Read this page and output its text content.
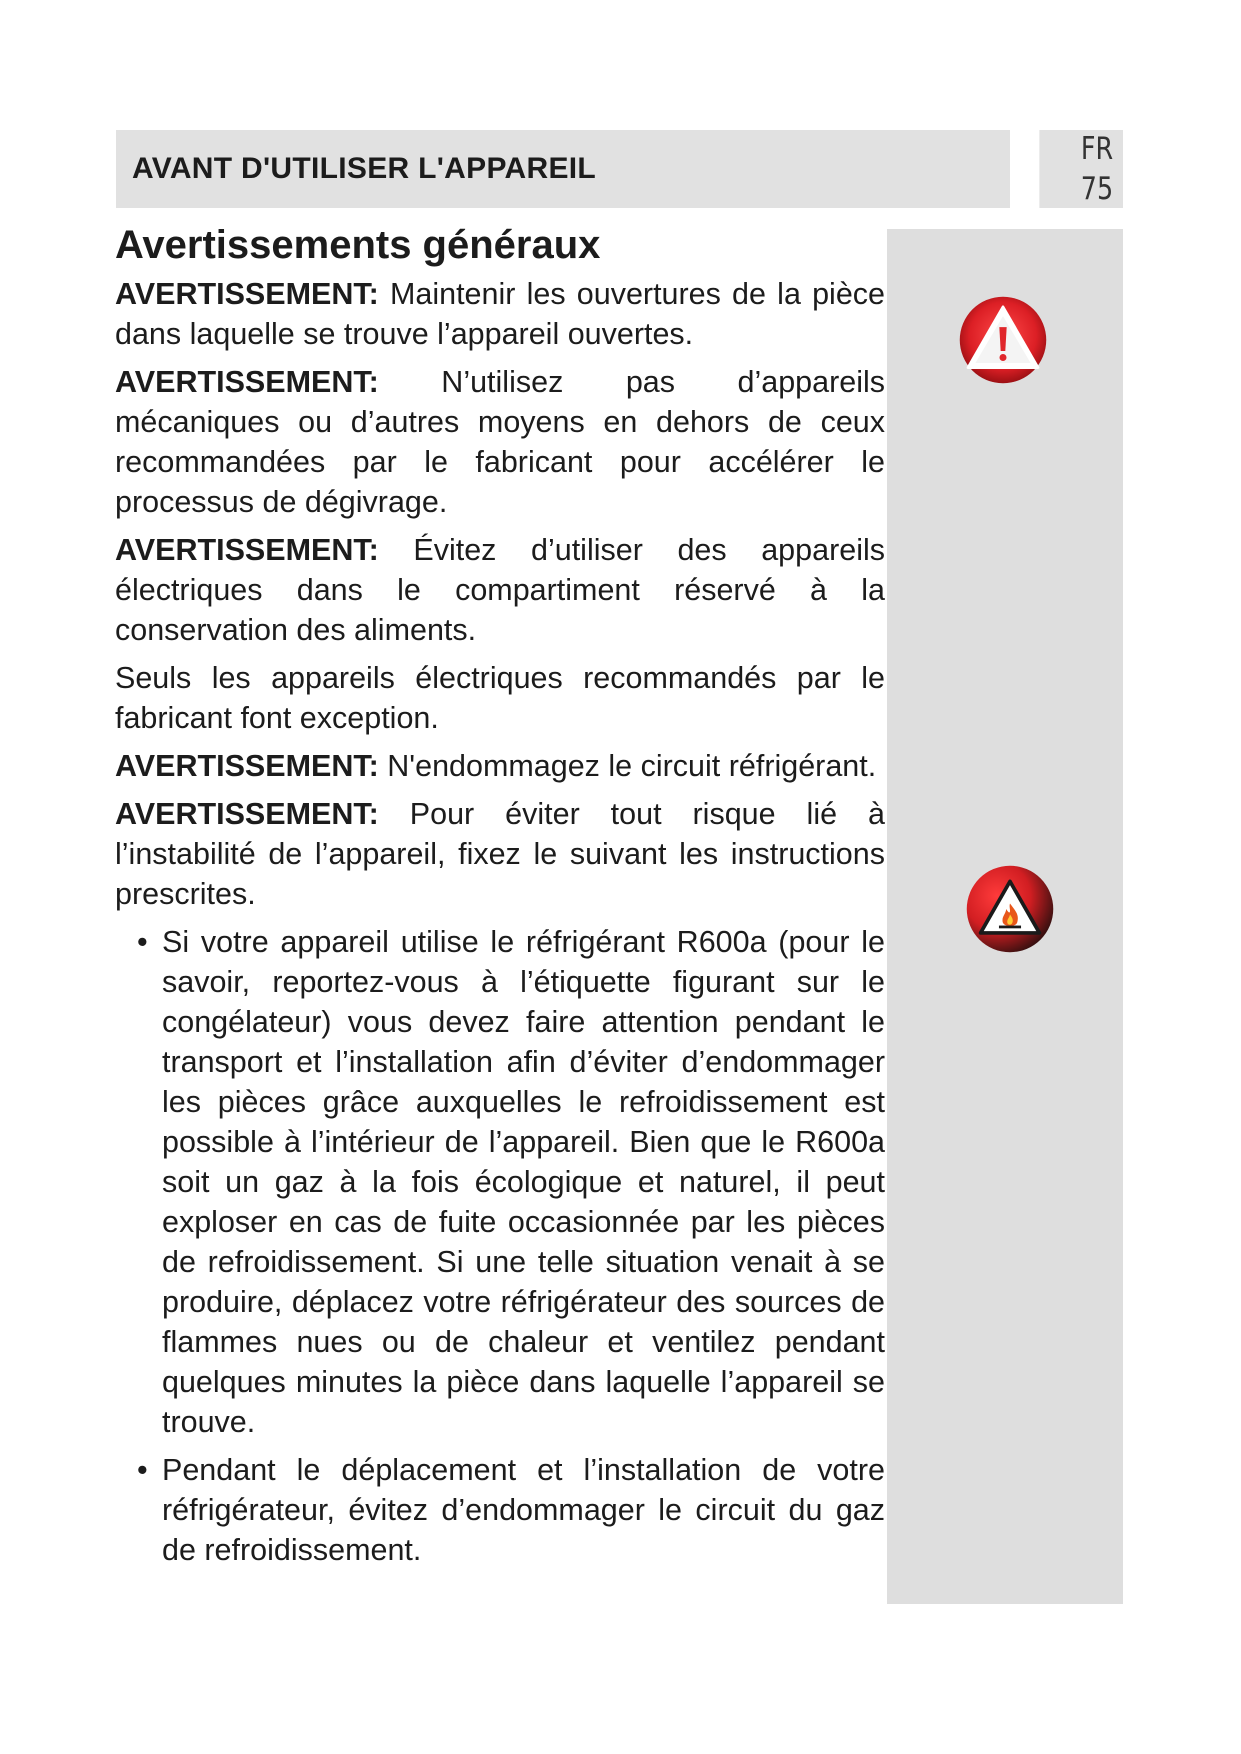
AVANT D'UTILISER L'APPAREIL
FR
75
Avertissements généraux

AVERTISSEMENT: Maintenir les ouvertures de la pièce dans laquelle se trouve l’appareil ouvertes.

AVERTISSEMENT: N’utilisez pas d’appareils mécaniques ou d’autres moyens en dehors de ceux recommandées par le fabricant pour accélérer le processus de dégivrage.

AVERTISSEMENT: Évitez d’utiliser des appareils électriques dans le compartiment réservé à la conservation des aliments.

Seuls les appareils électriques recommandés par le fabricant font exception.

AVERTISSEMENT: N'endommagez le circuit réfrigérant.

AVERTISSEMENT: Pour éviter tout risque lié à l’instabilité de l’appareil, fixez le suivant les instructions prescrites.

• Si votre appareil utilise le réfrigérant R600a (pour le savoir, reportez-vous à l’étiquette figurant sur le congélateur) vous devez faire attention pendant le transport et l’installation afin d’éviter d’endommager les pièces grâce auxquelles le refroidissement est possible à l’intérieur de l’appareil. Bien que le R600a soit un gaz à la fois écologique et naturel, il peut exploser en cas de fuite occasionnée par les pièces de refroidissement. Si une telle situation venait à se produire, déplacez votre réfrigérateur des sources de flammes nues ou de chaleur et ventilez pendant quelques minutes la pièce dans laquelle l’appareil se trouve.
• Pendant le déplacement et l’installation de votre réfrigérateur, évitez d’endommager le circuit du gaz de refroidissement.
